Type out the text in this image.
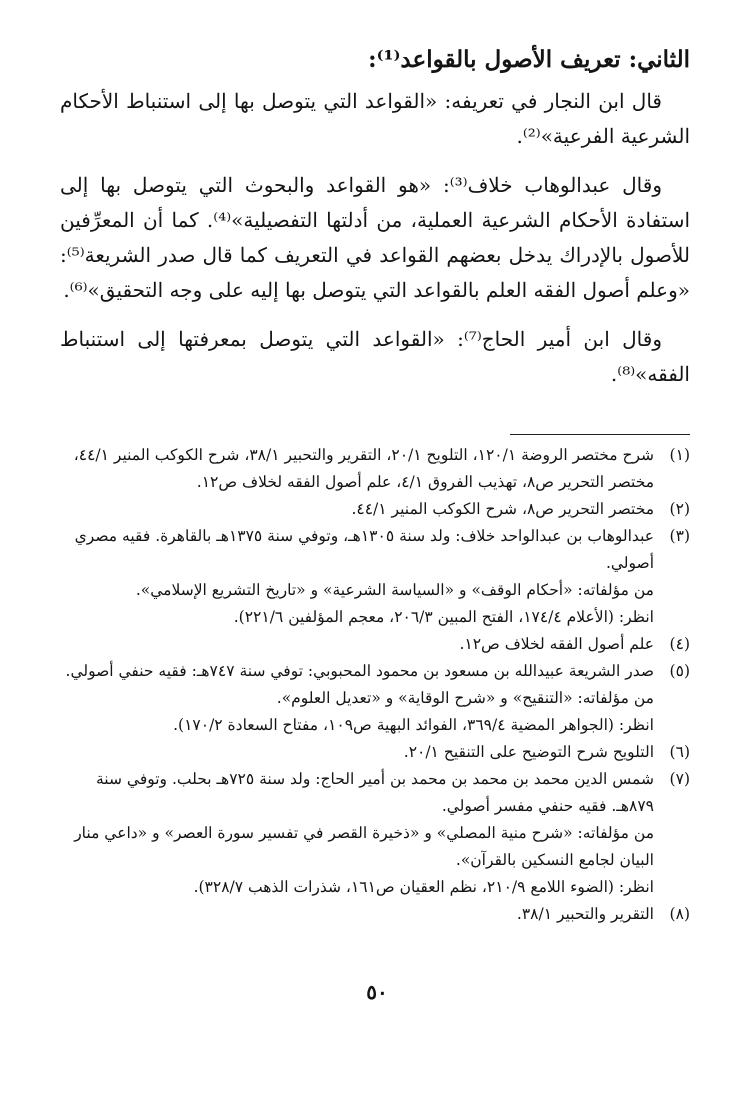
الثاني: تعريف الأصول بالقواعد⁽¹⁾:

قال ابن النجار في تعريفه: «القواعد التي يتوصل بها إلى استنباط الأحكام الشرعية الفرعية»⁽²⁾.

وقال عبدالوهاب خلاف⁽³⁾: «هو القواعد والبحوث التي يتوصل بها إلى استفادة الأحكام الشرعية العملية، من أدلتها التفصيلية»⁽⁴⁾. كما أن المعرِّفين للأصول بالإدراك يدخل بعضهم القواعد في التعريف كما قال صدر الشريعة⁽⁵⁾: «وعلم أصول الفقه العلم بالقواعد التي يتوصل بها إليه على وجه التحقيق»⁽⁶⁾.

وقال ابن أمير الحاج⁽⁷⁾: «القواعد التي يتوصل بمعرفتها إلى استنباط الفقه»⁽⁸⁾.

(١)
شرح مختصر الروضة ١٢٠/١، التلويح ٢٠/١، التقرير والتحبير ٣٨/١، شرح الكوكب المنير ٤٤/١، مختصر التحرير ص٨، تهذيب الفروق ٤/١، علم أصول الفقه لخلاف ص١٢.
(٢)
مختصر التحرير ص٨، شرح الكوكب المنير ٤٤/١.
(٣)
عبدالوهاب بن عبدالواحد خلاف: ولد سنة ١٣٠٥هـ، وتوفي سنة ١٣٧٥هـ بالقاهرة. فقيه مصري أصولي.
من مؤلفاته: «أحكام الوقف» و «السياسة الشرعية» و «تاريخ التشريع الإسلامي».
انظر: (الأعلام ١٧٤/٤، الفتح المبين ٢٠٦/٣، معجم المؤلفين ٢٢١/٦).
(٤)
علم أصول الفقه لخلاف ص١٢.
(٥)
صدر الشريعة عبيدالله بن مسعود بن محمود المحبوبي: توفي سنة ٧٤٧هـ: فقيه حنفي أصولي.
من مؤلفاته: «التنقيح» و «شرح الوقاية» و «تعديل العلوم».
انظر: (الجواهر المضية ٣٦٩/٤، الفوائد البهية ص١٠٩، مفتاح السعادة ١٧٠/٢).
(٦)
التلويح شرح التوضيح على التنقيح ٢٠/١.
(٧)
شمس الدين محمد بن محمد بن محمد بن أمير الحاج: ولد سنة ٧٢٥هـ بحلب. وتوفي سنة ٨٧٩هـ. فقيه حنفي مفسر أصولي.
من مؤلفاته: «شرح منية المصلي» و «ذخيرة القصر في تفسير سورة العصر» و «داعي منار البيان لجامع النسكين بالقرآن».
انظر: (الضوء اللامع ٢١٠/٩، نظم العقيان ص١٦١، شذرات الذهب ٣٢٨/٧).
(٨)
التقرير والتحبير ٣٨/١.
٥٠
